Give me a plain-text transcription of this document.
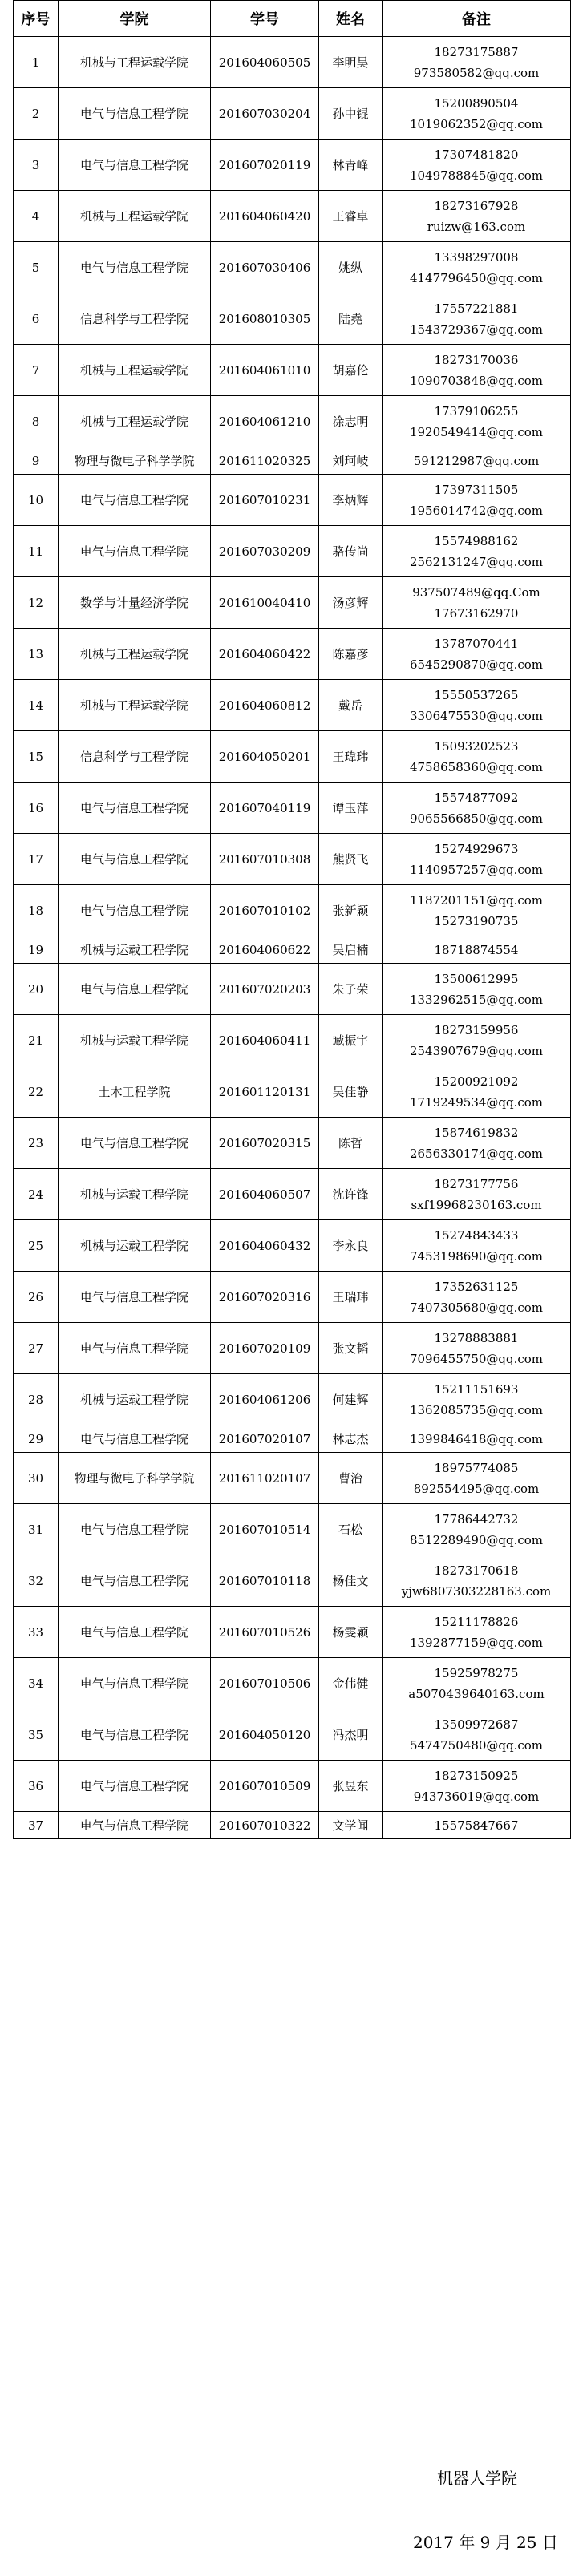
序号	学院	学号	姓名	备注
1	机械与工程运载学院	201604060505	李明昊	18273175887
973580582@qq.com

2	电气与信息工程学院	201607030204	孙中锟	15200890504
1019062352@qq.com

3	电气与信息工程学院	201607020119	林青峰	17307481820
1049788845@qq.com

4	机械与工程运载学院	201604060420	王睿卓	18273167928
ruizw@163.com

5	电气与信息工程学院	201607030406	姚纵	13398297008
4147796450@qq.com

6	信息科学与工程学院	201608010305	陆堯	17557221881
1543729367@qq.com

7	机械与工程运载学院	201604061010	胡嘉伦	18273170036
1090703848@qq.com

8	机械与工程运载学院	201604061210	涂志明	17379106255
1920549414@qq.com

9	物理与微电子科学学院	201611020325	刘珂岐	591212987@qq.com

10	电气与信息工程学院	201607010231	李炳辉	17397311505
1956014742@qq.com

11	电气与信息工程学院	201607030209	骆传尚	15574988162
2562131247@qq.com

12	数学与计量经济学院	201610040410	汤彦辉	937507489@qq.Com
17673162970

13	机械与工程运载学院	201604060422	陈嘉彦	13787070441
6545290870@qq.com

14	机械与工程运载学院	201604060812	戴岳	15550537265
3306475530@qq.com

15	信息科学与工程学院	201604050201	王瑋玮	15093202523
4758658360@qq.com

16	电气与信息工程学院	201607040119	谭玉萍	15574877092
9065566850@qq.com

17	电气与信息工程学院	201607010308	熊贤飞	15274929673
1140957257@qq.com

18	电气与信息工程学院	201607010102	张新颖	1187201151@qq.com
15273190735

19	机械与运载工程学院	201604060622	吴启楠	18718874554

20	电气与信息工程学院	201607020203	朱子荣	13500612995
1332962515@qq.com

21	机械与运载工程学院	201604060411	臧振宇	18273159956
2543907679@qq.com

22	土木工程学院	201601120131	吴佳静	15200921092
1719249534@qq.com

23	电气与信息工程学院	201607020315	陈哲	15874619832
2656330174@qq.com

24	机械与运载工程学院	201604060507	沈许锋	18273177756
sxf19968230163.com

25	机械与运载工程学院	201604060432	李永良	15274843433
7453198690@qq.com

26	电气与信息工程学院	201607020316	王瑞玮	17352631125
7407305680@qq.com

27	电气与信息工程学院	201607020109	张文韬	13278883881
7096455750@qq.com

28	机械与运载工程学院	201604061206	何建辉	15211151693
1362085735@qq.com

29	电气与信息工程学院	201607020107	林志杰	1399846418@qq.com

30	物理与微电子科学学院	201611020107	曹治	18975774085
892554495@qq.com

31	电气与信息工程学院	201607010514	石松	17786442732
8512289490@qq.com

32	电气与信息工程学院	201607010118	杨佳文	18273170618
yjw6807303228163.com

33	电气与信息工程学院	201607010526	杨雯颖	15211178826
1392877159@qq.com

34	电气与信息工程学院	201607010506	金伟健	15925978275
a5070439640163.com

35	电气与信息工程学院	201604050120	冯杰明	13509972687
5474750480@qq.com

36	电气与信息工程学院	201607010509	张昱东	18273150925
943736019@qq.com

37	电气与信息工程学院	201607010322	文学闻	15575847667
机器人学院
2017 年 9 月 25 日
